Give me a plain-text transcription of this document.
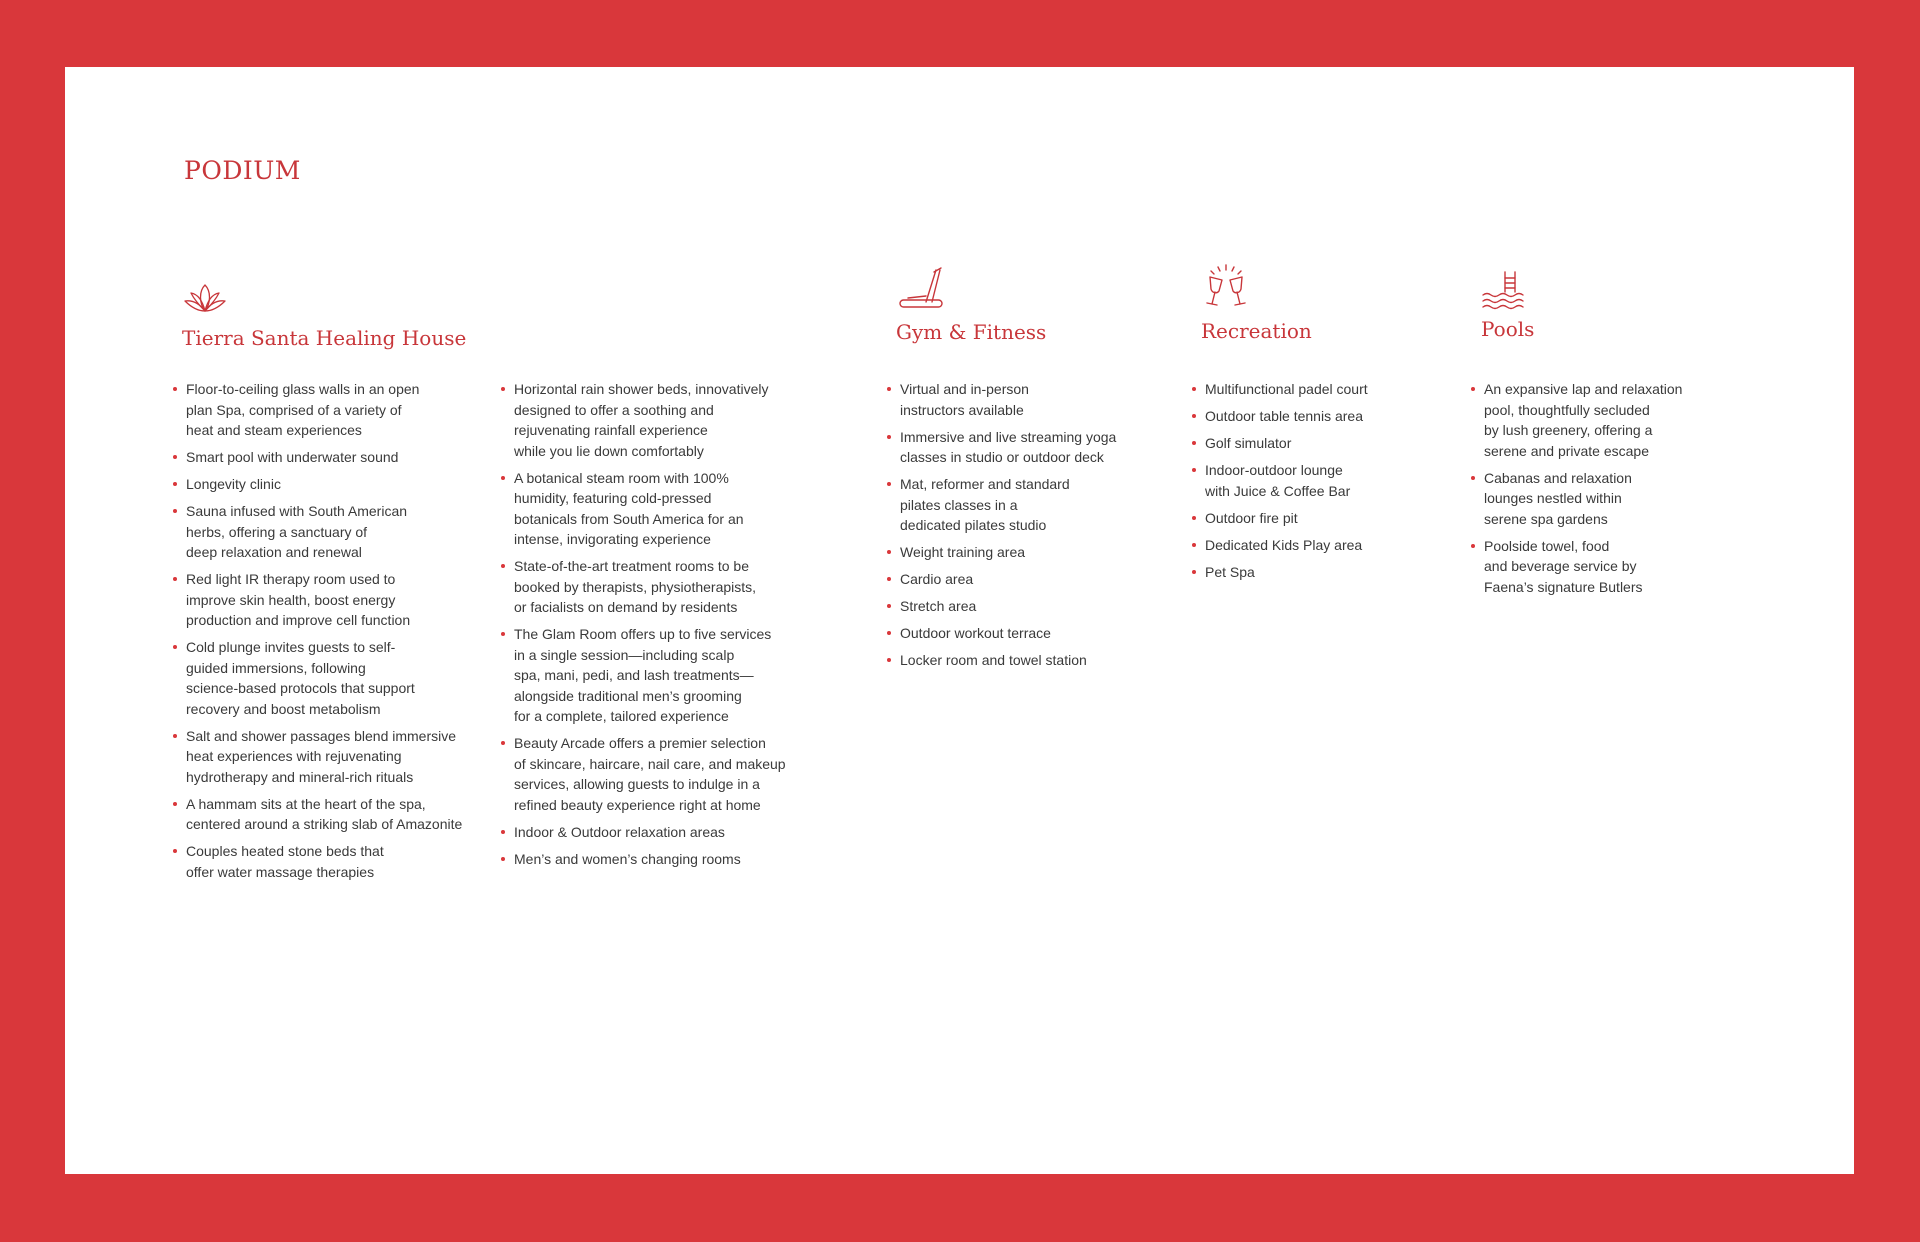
PODIUM
Tierra Santa Healing House
Floor-to-ceiling glass walls in an open
plan Spa, comprised of a variety of
heat and steam experiences
Smart pool with underwater sound
Longevity clinic
Sauna infused with South American
herbs, offering a sanctuary of
deep relaxation and renewal
Red light IR therapy room used to
improve skin health, boost energy
production and improve cell function
Cold plunge invites guests to self-
guided immersions, following
science-based protocols that support
recovery and boost metabolism
Salt and shower passages blend immersive
heat experiences with rejuvenating
hydrotherapy and mineral-rich rituals
A hammam sits at the heart of the spa,
centered around a striking slab of Amazonite
Couples heated stone beds that
offer water massage therapies
Horizontal rain shower beds, innovatively
designed to offer a soothing and
rejuvenating rainfall experience
while you lie down comfortably
A botanical steam room with 100%
humidity, featuring cold-pressed
botanicals from South America for an
intense, invigorating experience
State-of-the-art treatment rooms to be
booked by therapists, physiotherapists,
or facialists on demand by residents
The Glam Room offers up to five services
in a single session—including scalp
spa, mani, pedi, and lash treatments—
alongside traditional men’s grooming
for a complete, tailored experience
Beauty Arcade offers a premier selection
of skincare, haircare, nail care, and makeup
services, allowing guests to indulge in a
refined beauty experience right at home
Indoor & Outdoor relaxation areas
Men’s and women’s changing rooms
Gym & Fitness
Virtual and in-person
instructors available
Immersive and live streaming yoga
classes in studio or outdoor deck
Mat, reformer and standard
pilates classes in a
dedicated pilates studio
Weight training area
Cardio area
Stretch area
Outdoor workout terrace
Locker room and towel station
Recreation
Multifunctional padel court
Outdoor table tennis area
Golf simulator
Indoor-outdoor lounge
with Juice & Coffee Bar
Outdoor fire pit
Dedicated Kids Play area
Pet Spa
Pools
An expansive lap and relaxation
pool, thoughtfully secluded
by lush greenery, offering a
serene and private escape
Cabanas and relaxation
lounges nestled within
serene spa gardens
Poolside towel, food
and beverage service by
Faena’s signature Butlers
